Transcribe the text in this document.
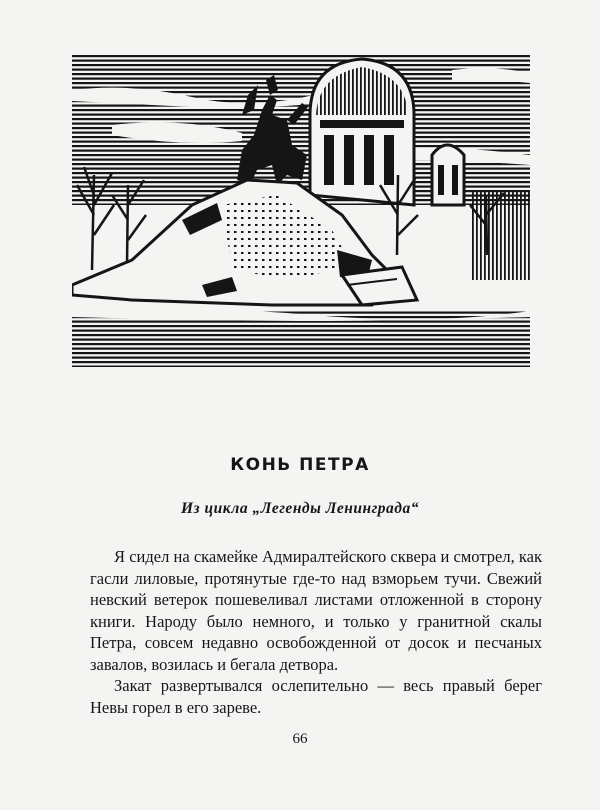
КОНЬ ПЕТРА
Из цикла „Легенды Ленинграда“

Я сидел на скамейке Адмиралтейского сквера и смотрел, как гасли лиловые, протянутые где-то над взморьем тучи. Свежий невский ветерок пошевеливал листами отложенной в сторону книги. Народу было немного, и только у гранитной скалы Петра, совсем недавно освобожденной от досок и песчаных завалов, возилась и бегала детвора.

Закат развертывался ослепительно — весь правый берег Невы горел в его зареве.

66
